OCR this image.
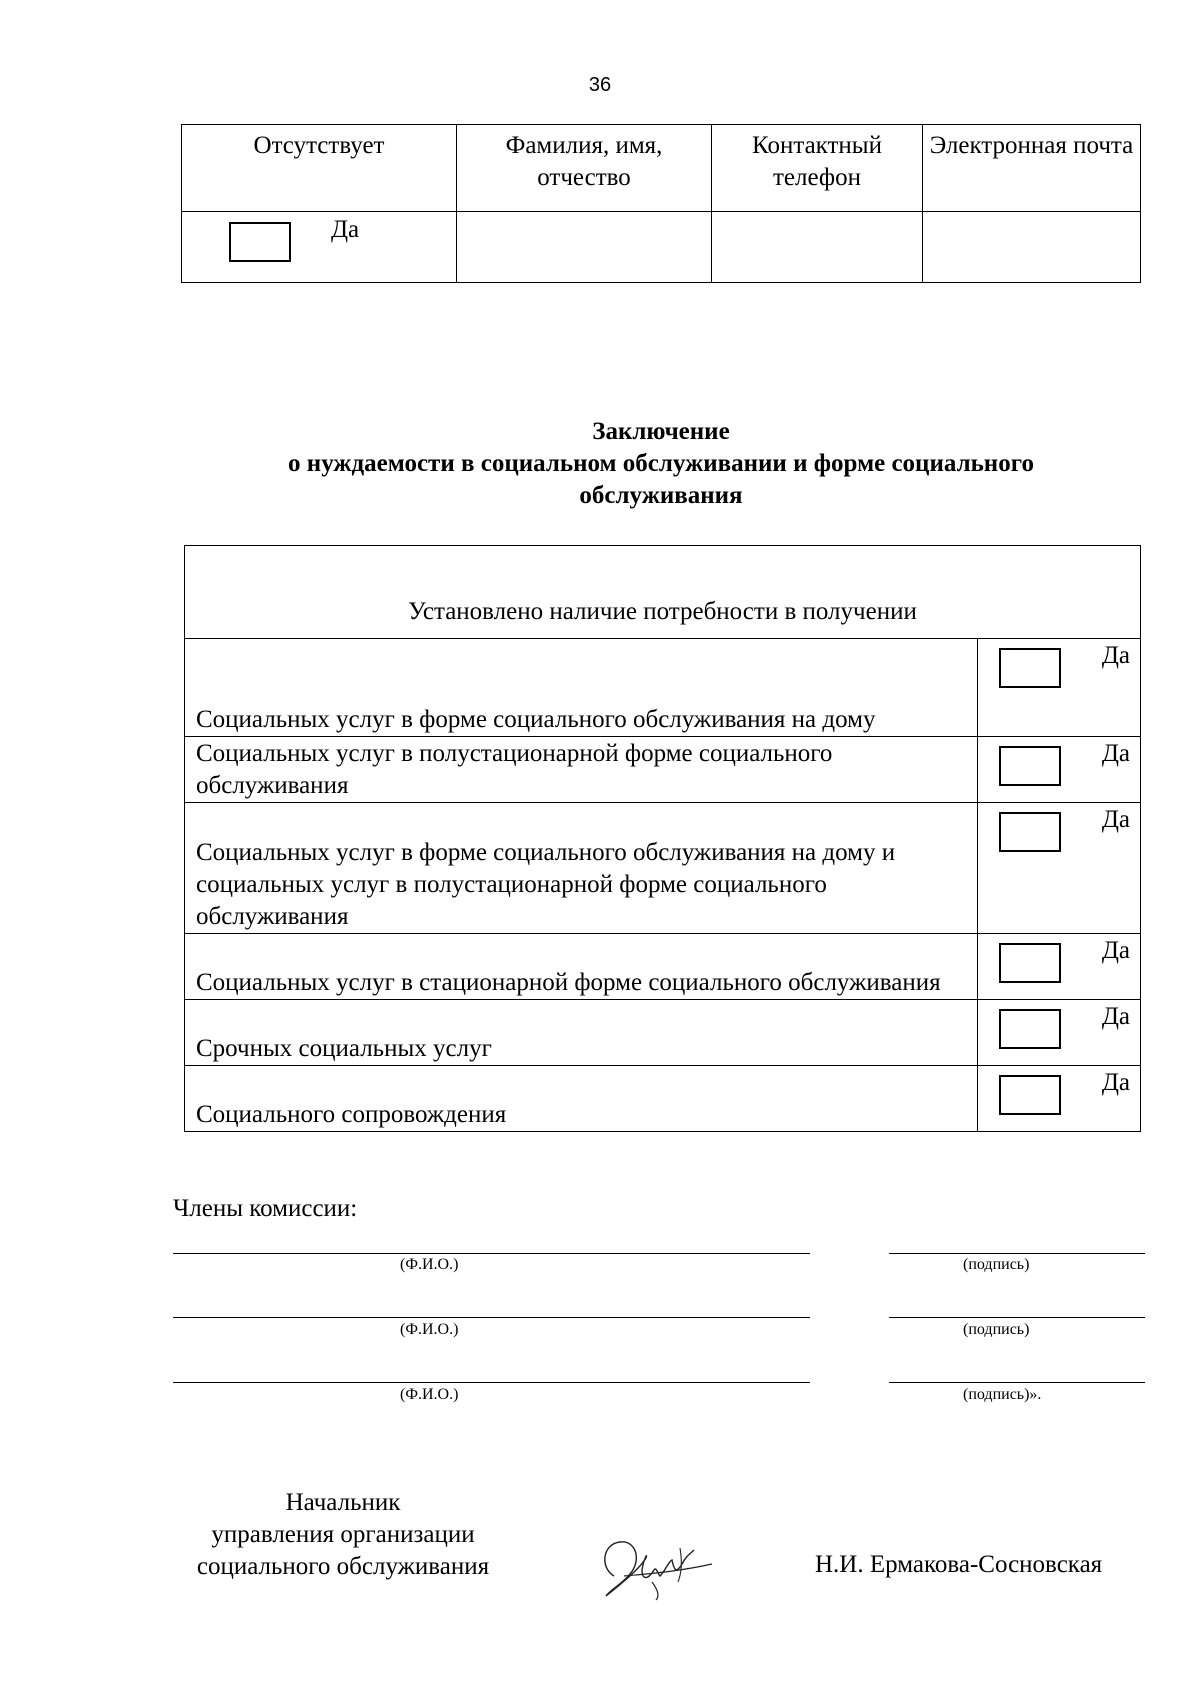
36
Отсутствует	Фамилия, имя, отчество	Контактный телефон	Электронная почта

Да			

Заключение
о нуждаемости в социальном обслуживании и форме социального
обслуживания
Установлено наличие потребности в получении	
Социальных услуг в форме социального обслуживания на дому	Да

Социальных услуг в полустационарной форме социального обслуживания	Да

Социальных услуг в форме социального обслуживания на дому и
социальных услуг в полустационарной форме социального обслуживания	Да

Социальных услуг в стационарной форме социального обслуживания	Да

Срочных социальных услуг	Да

Социального сопровождения	Да
Члены комиссии:
(Ф.И.О.)	(подпись)
(Ф.И.О.)	(подпись)
(Ф.И.О.)	(подпись)».
Начальник
управления организации
социального обслуживания	Н.И. Ермакова-Сосновская
